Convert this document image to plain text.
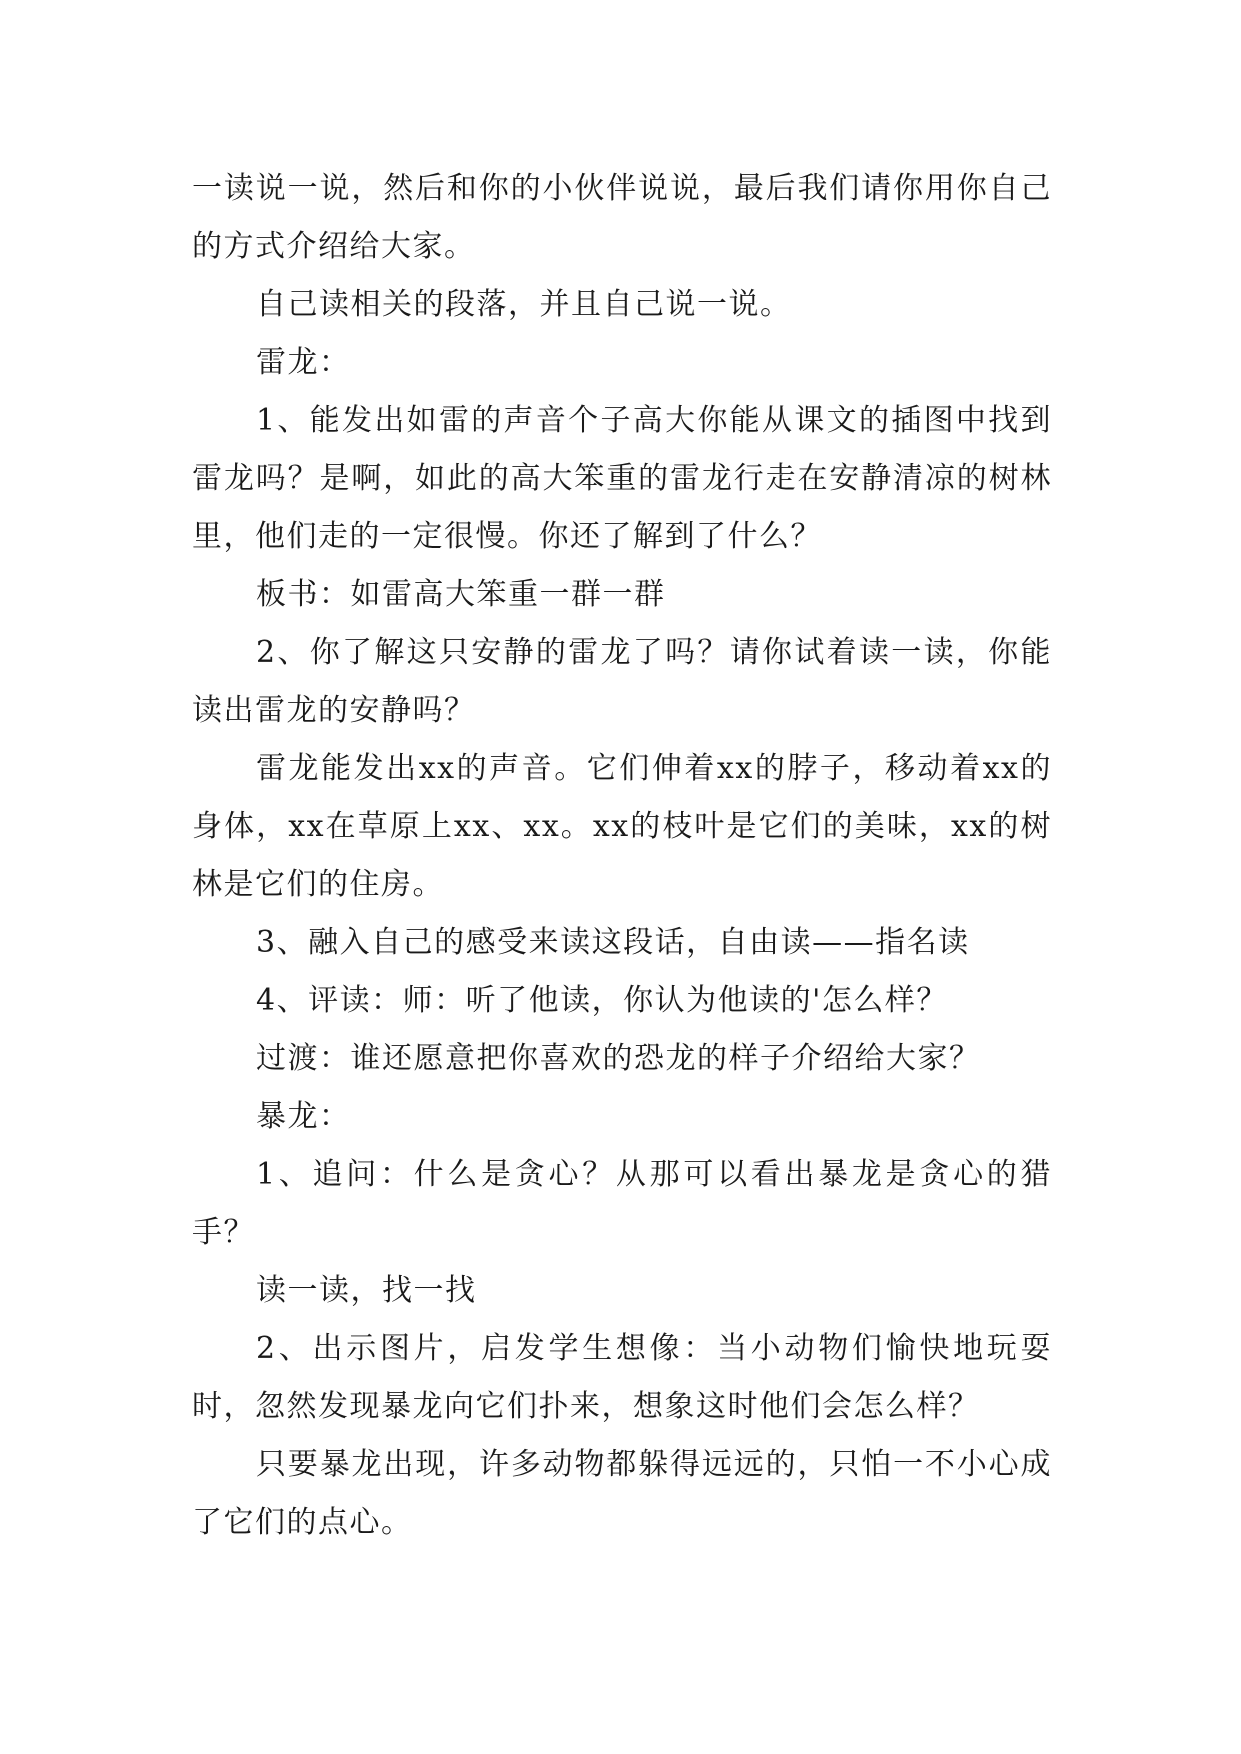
一读说一说，然后和你的小伙伴说说，最后我们请你用你自己的方式介绍给大家。

自己读相关的段落，并且自己说一说。

雷龙：

1、能发出如雷的声音个子高大你能从课文的插图中找到雷龙吗？是啊，如此的高大笨重的雷龙行走在安静清凉的树林里，他们走的一定很慢。你还了解到了什么？

板书：如雷高大笨重一群一群

2、你了解这只安静的雷龙了吗？请你试着读一读，你能读出雷龙的安静吗？

雷龙能发出xx的声音。它们伸着xx的脖子，移动着xx的身体，xx在草原上xx、xx。xx的枝叶是它们的美味，xx的树林是它们的住房。

3、融入自己的感受来读这段话，自由读——指名读

4、评读：师：听了他读，你认为他读的'怎么样？

过渡：谁还愿意把你喜欢的恐龙的样子介绍给大家？

暴龙：

1、追问：什么是贪心？从那可以看出暴龙是贪心的猎手？

读一读，找一找

2、出示图片，启发学生想像：当小动物们愉快地玩耍时，忽然发现暴龙向它们扑来，想象这时他们会怎么样？

只要暴龙出现，许多动物都躲得远远的，只怕一不小心成了它们的点心。
